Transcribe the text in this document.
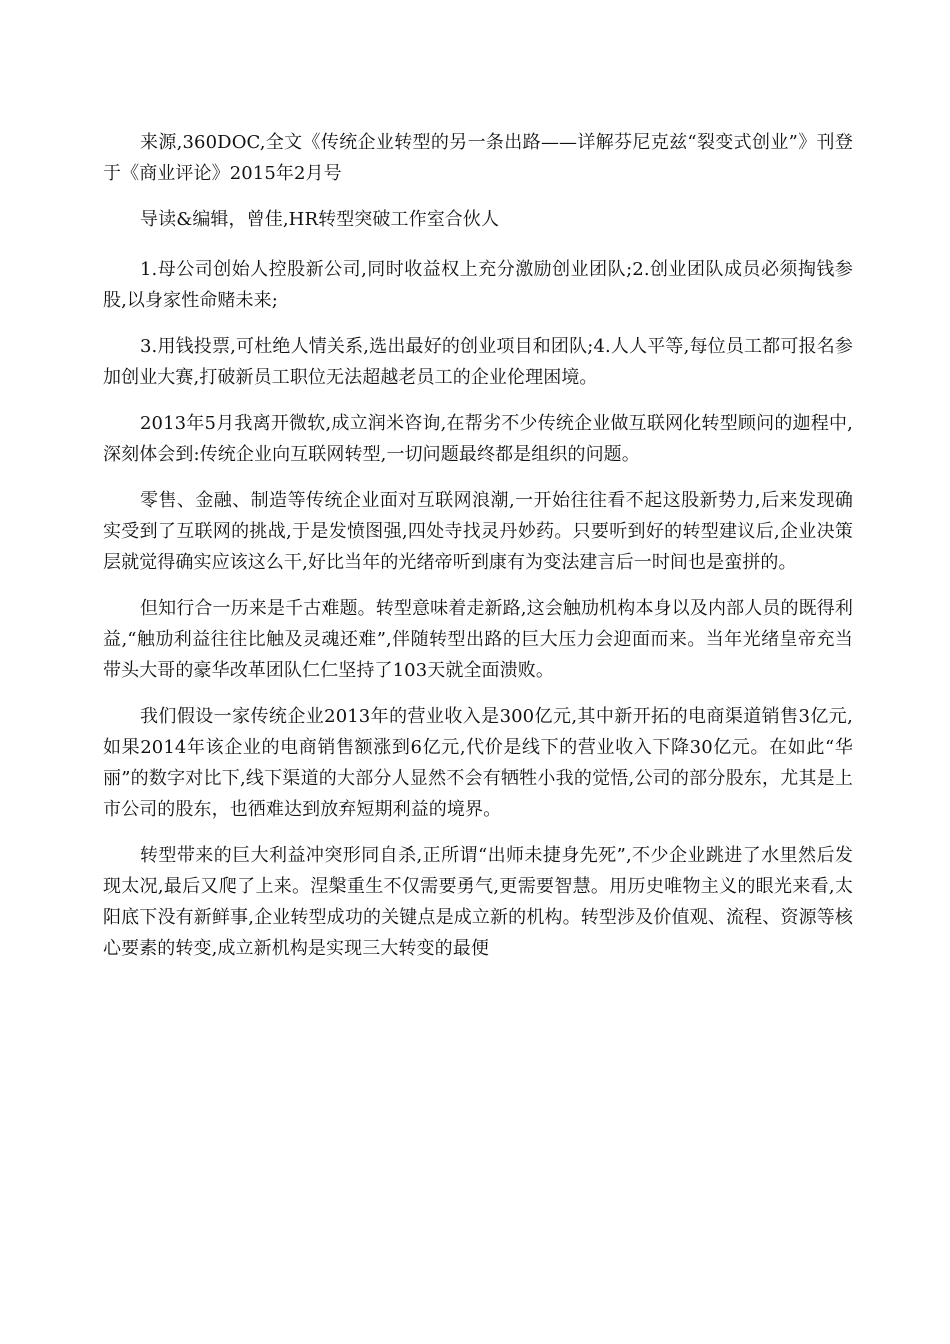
来源,360DOC,全文《传统企业转型的另一条出路——详解芬尼克兹“裂变式创业”》刊登于《商业评论》2015年2月号

导读&编辑，曾佳,HR转型突破工作室合伙人

1.母公司创始人控股新公司,同时收益权上充分激励创业团队;2.创业团队成员必须掏钱参股,以身家性命赌未来;

3.用钱投票,可杜绝人情关系,选出最好的创业项目和团队;4.人人平等,每位员工都可报名参加创业大赛,打破新员工职位无法超越老员工的企业伦理困境。

2013年5月我离开微软,成立润米咨询,在帮劣不少传统企业做互联网化转型顾问的迦程中,深刻体会到:传统企业向互联网转型,一切问题最终都是组织的问题。

零售、金融、制造等传统企业面对互联网浪潮,一开始往往看不起这股新势力,后来发现确实受到了互联网的挑战,于是发愤图强,四处寺找灵丹妙药。只要听到好的转型建议后,企业决策层就觉得确实应该这么干,好比当年的光绪帝听到康有为变法建言后一时间也是蛮拼的。

但知行合一历来是千古难题。转型意味着走新路,这会触劢机构本身以及内部人员的既得利益,“触劢利益往往比触及灵魂还难”,伴随转型出路的巨大压力会迎面而来。当年光绪皇帝充当带头大哥的豪华改革团队仁仁坚持了103天就全面溃败。

我们假设一家传统企业2013年的营业收入是300亿元,其中新开拓的电商渠道销售3亿元,如果2014年该企业的电商销售额涨到6亿元,代价是线下的营业收入下降30亿元。在如此“华丽”的数字对比下,线下渠道的大部分人显然不会有牺牲小我的觉悟,公司的部分股东，尤其是上市公司的股东，也徆难达到放弃短期利益的境界。

转型带来的巨大利益冲突形同自杀,正所谓“出师未捷身先死”,不少企业跳进了水里然后发现太况,最后又爬了上来。涅槃重生不仅需要勇气,更需要智慧。用历史唯物主义的眼光来看,太阳底下没有新鲜事,企业转型成功的关键点是成立新的机构。转型涉及价值观、流程、资源等核心要素的转变,成立新机构是实现三大转变的最便
